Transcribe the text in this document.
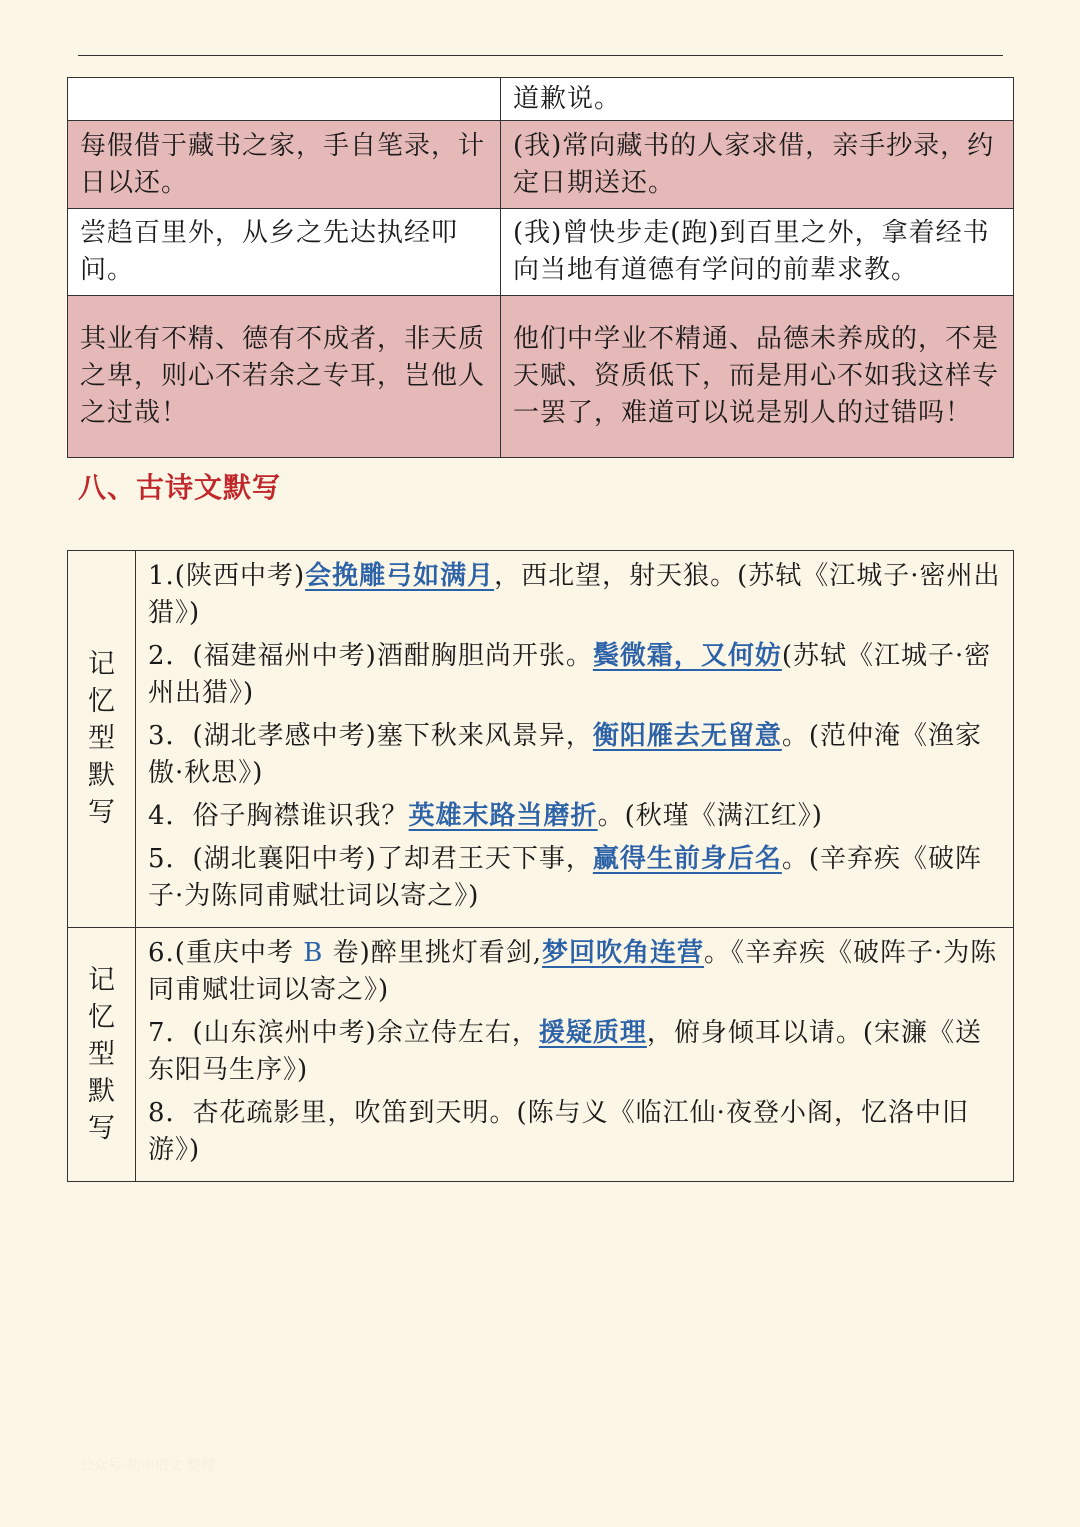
	道歉说。
每假借于藏书之家，手自笔录，计日以还。	(我)常向藏书的人家求借，亲手抄录，约定日期送还。
尝趋百里外，从乡之先达执经叩问。	(我)曾快步走(跑)到百里之外，拿着经书向当地有道德有学问的前辈求教。
其业有不精、德有不成者，非天质之卑，则心不若余之专耳，岂他人之过哉！	他们中学业不精通、品德未养成的，不是天赋、资质低下，而是用心不如我这样专一罢了，难道可以说是别人的过错吗！
八、古诗文默写
记忆型默写	1.(陕西中考)会挽雕弓如满月，西北望，射天狼。(苏轼《江城子·密州出猎》)
2．(福建福州中考)酒酣胸胆尚开张。鬓微霜，又何妨(苏轼《江城子·密州出猎》)
3．(湖北孝感中考)塞下秋来风景异，衡阳雁去无留意。(范仲淹《渔家傲·秋思》)
4．俗子胸襟谁识我？英雄末路当磨折。(秋瑾《满江红》)
5．(湖北襄阳中考)了却君王天下事，赢得生前身后名。(辛弃疾《破阵子·为陈同甫赋壮词以寄之》)

记忆型默写	6.(重庆中考 B 卷)醉里挑灯看剑,梦回吹角连营。《辛弃疾《破阵子·为陈同甫赋壮词以寄之》)
7．(山东滨州中考)余立侍左右，援疑质理，俯身倾耳以请。(宋濂《送东阳马生序》)
8．杏花疏影里，吹笛到天明。(陈与义《临江仙·夜登小阁，忆洛中旧游》)
公众号·初中语文 整理
